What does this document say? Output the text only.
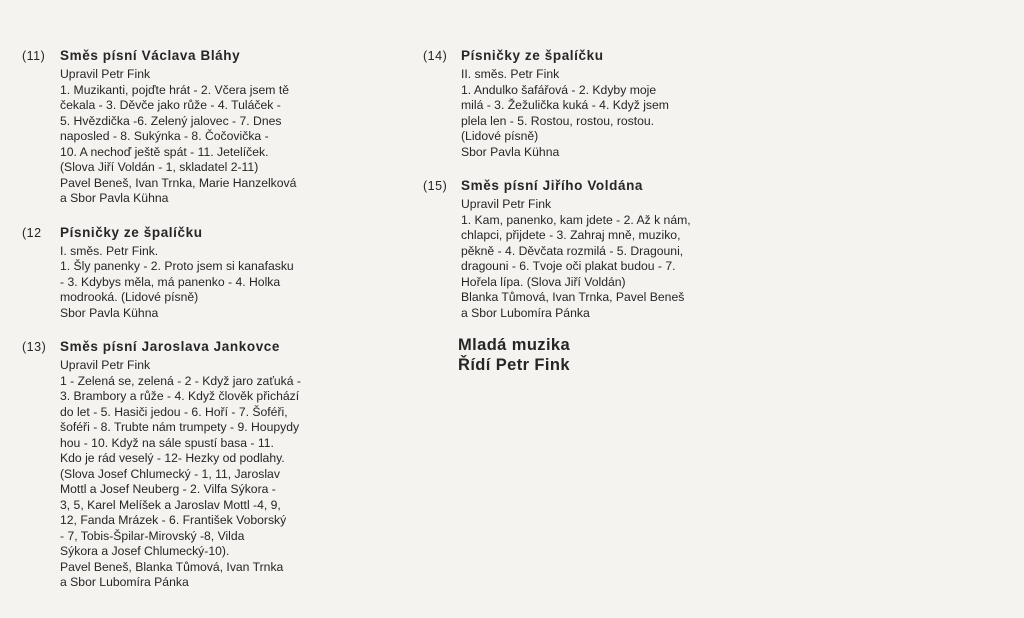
(11)	Směs písní Václava Bláhy
Upravil Petr Fink
1. Muzikanti, pojďte hrát - 2. Včera jsem tě
čekala - 3. Děvče jako růže - 4. Tuláček -
5. Hvězdička -6. Zelený jalovec - 7. Dnes
naposled - 8. Sukýnka - 8. Čočovička -
10. A nechoď ještě spát - 11. Jetelíček.
(Slova Jiří Voldán - 1, skladatel 2-11)
Pavel Beneš, Ivan Trnka, Marie Hanzelková
a Sbor Pavla Kühna
(12	Písničky ze špalíčku
I. směs. Petr Fink.
1. Šly panenky - 2. Proto jsem si kanafasku
- 3. Kdybys měla, má panenko - 4. Holka
modrooká. (Lidové písně)
Sbor Pavla Kühna
(13)	Směs písní Jaroslava Jankovce
Upravil Petr Fink
1 - Zelená se, zelená - 2 - Když jaro zaťuká -
3. Brambory a růže - 4. Když člověk přichází
do let - 5. Hasiči jedou - 6. Hoří - 7. Šoféři,
šoféři - 8. Trubte nám trumpety - 9. Houpydy
hou - 10. Když na sále spustí basa - 11.
Kdo je rád veselý - 12- Hezky od podlahy.
(Slova Josef Chlumecký - 1, 11, Jaroslav
Mottl a Josef Neuberg - 2. Vilfa Sýkora -
3, 5, Karel Melíšek a Jaroslav Mottl -4, 9,
12, Fanda Mrázek - 6. František Voborský
- 7, Tobis-Špilar-Mirovský -8, Vilda
Sýkora a Josef Chlumecký-10).
Pavel Beneš, Blanka Tůmová, Ivan Trnka
a Sbor Lubomíra Pánka
(14)	Písničky ze špalíčku
II. směs. Petr Fink
1. Andulko šafářová - 2. Kdyby moje
milá - 3. Žežulička kuká - 4. Když jsem
plela len - 5. Rostou, rostou, rostou.
(Lidové písně)
Sbor Pavla Kühna
(15)	Směs písní Jiřího Voldána
Upravil Petr Fink
1. Kam, panenko, kam jdete - 2. Až k nám,
chlapci, přijdete - 3. Zahraj mně, muziko,
pěkně - 4. Děvčata rozmilá - 5. Dragouni,
dragouni - 6. Tvoje oči plakat budou - 7.
Hořela lípa. (Slova Jiří Voldán)
Blanka Tůmová, Ivan Trnka, Pavel Beneš
a Sbor Lubomíra Pánka
Mladá muzika
Řídí Petr Fink
